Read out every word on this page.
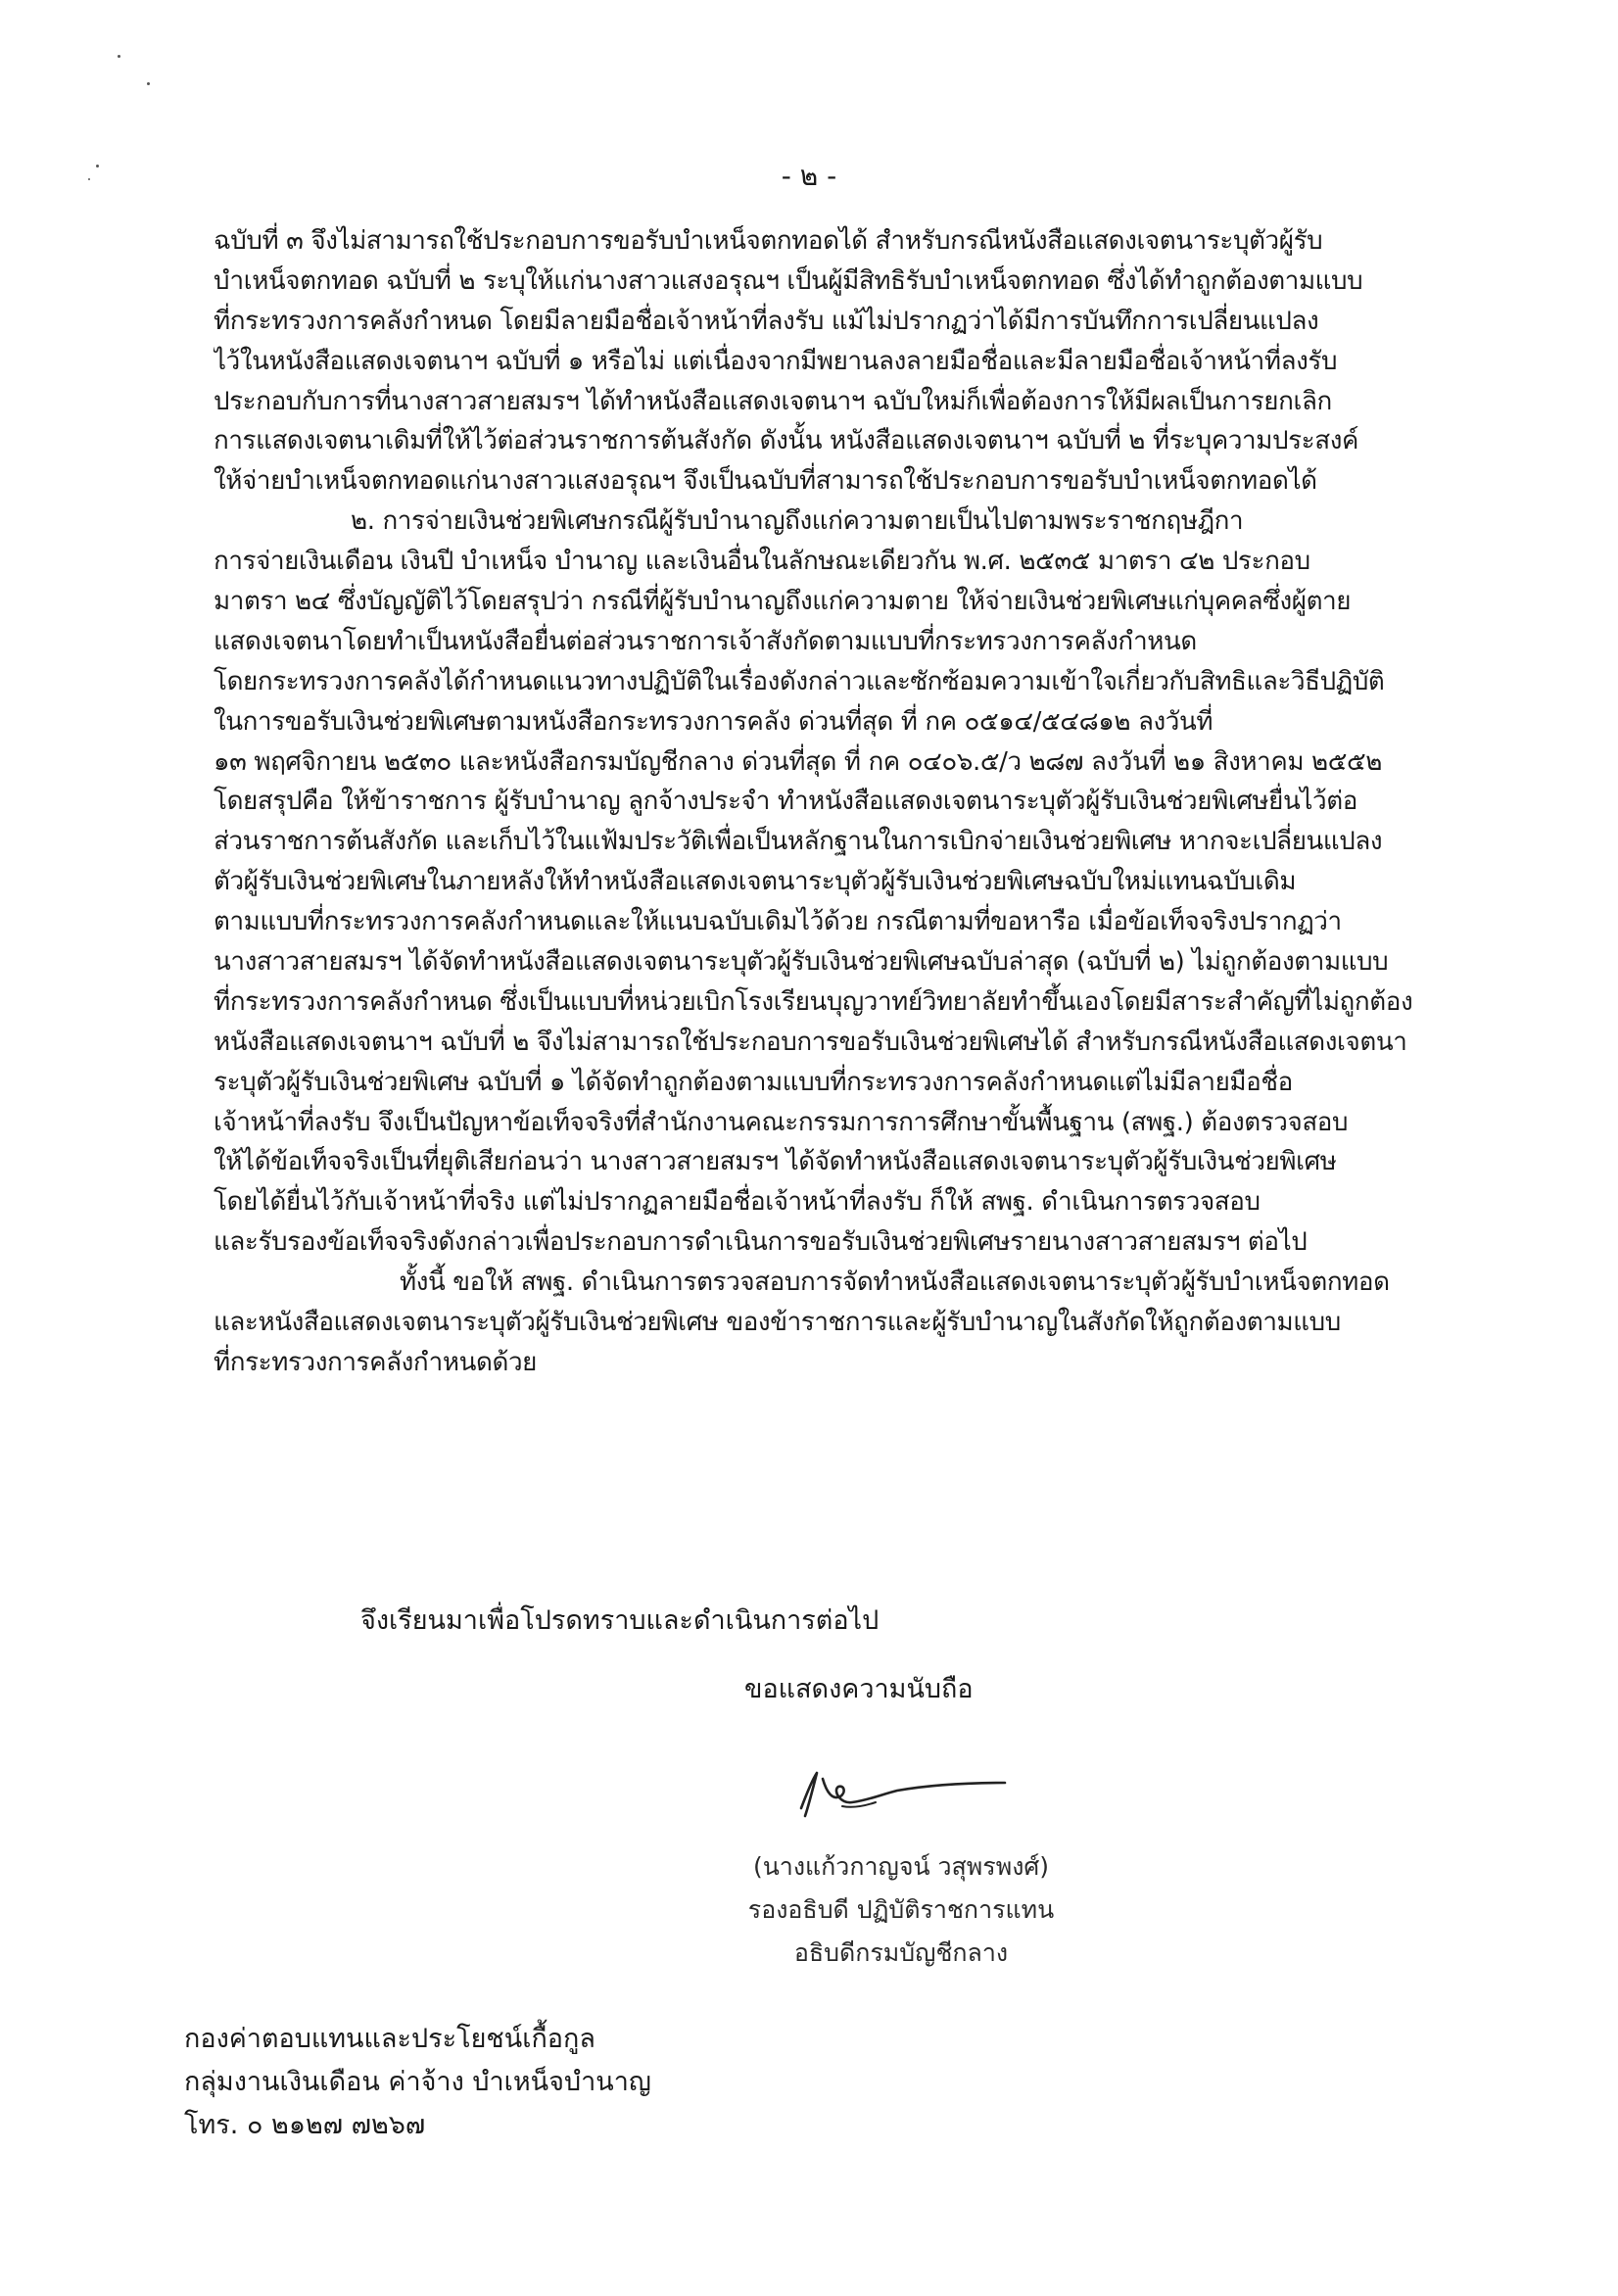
- ๒ -
ฉบับที่ ๓ จึงไม่สามารถใช้ประกอบการขอรับบำเหน็จตกทอดได้ สำหรับกรณีหนังสือแสดงเจตนาระบุตัวผู้รับ
บำเหน็จตกทอด ฉบับที่ ๒ ระบุให้แก่นางสาวแสงอรุณฯ เป็นผู้มีสิทธิรับบำเหน็จตกทอด ซึ่งได้ทำถูกต้องตามแบบ
ที่กระทรวงการคลังกำหนด โดยมีลายมือชื่อเจ้าหน้าที่ลงรับ แม้ไม่ปรากฏว่าได้มีการบันทึกการเปลี่ยนแปลง
ไว้ในหนังสือแสดงเจตนาฯ ฉบับที่ ๑ หรือไม่ แต่เนื่องจากมีพยานลงลายมือชื่อและมีลายมือชื่อเจ้าหน้าที่ลงรับ
ประกอบกับการที่นางสาวสายสมรฯ ได้ทำหนังสือแสดงเจตนาฯ ฉบับใหม่ก็เพื่อต้องการให้มีผลเป็นการยกเลิก
การแสดงเจตนาเดิมที่ให้ไว้ต่อส่วนราชการต้นสังกัด ดังนั้น หนังสือแสดงเจตนาฯ ฉบับที่ ๒ ที่ระบุความประสงค์
ให้จ่ายบำเหน็จตกทอดแก่นางสาวแสงอรุณฯ จึงเป็นฉบับที่สามารถใช้ประกอบการขอรับบำเหน็จตกทอดได้
๒. การจ่ายเงินช่วยพิเศษกรณีผู้รับบำนาญถึงแก่ความตายเป็นไปตามพระราชกฤษฎีกา
การจ่ายเงินเดือน เงินปี บำเหน็จ บำนาญ และเงินอื่นในลักษณะเดียวกัน พ.ศ. ๒๕๓๕ มาตรา ๔๒ ประกอบ
มาตรา ๒๔ ซึ่งบัญญัติไว้โดยสรุปว่า กรณีที่ผู้รับบำนาญถึงแก่ความตาย ให้จ่ายเงินช่วยพิเศษแก่บุคคลซึ่งผู้ตาย
แสดงเจตนาโดยทำเป็นหนังสือยื่นต่อส่วนราชการเจ้าสังกัดตามแบบที่กระทรวงการคลังกำหนด
โดยกระทรวงการคลังได้กำหนดแนวทางปฏิบัติในเรื่องดังกล่าวและซักซ้อมความเข้าใจเกี่ยวกับสิทธิและวิธีปฏิบัติ
ในการขอรับเงินช่วยพิเศษตามหนังสือกระทรวงการคลัง ด่วนที่สุด ที่ กค ๐๕๑๔/๕๔๘๑๒ ลงวันที่
๑๓ พฤศจิกายน ๒๕๓๐ และหนังสือกรมบัญชีกลาง ด่วนที่สุด ที่ กค ๐๔๐๖.๕/ว ๒๘๗ ลงวันที่ ๒๑ สิงหาคม ๒๕๕๒
โดยสรุปคือ ให้ข้าราชการ ผู้รับบำนาญ ลูกจ้างประจำ ทำหนังสือแสดงเจตนาระบุตัวผู้รับเงินช่วยพิเศษยื่นไว้ต่อ
ส่วนราชการต้นสังกัด และเก็บไว้ในแฟ้มประวัติเพื่อเป็นหลักฐานในการเบิกจ่ายเงินช่วยพิเศษ หากจะเปลี่ยนแปลง
ตัวผู้รับเงินช่วยพิเศษในภายหลังให้ทำหนังสือแสดงเจตนาระบุตัวผู้รับเงินช่วยพิเศษฉบับใหม่แทนฉบับเดิม
ตามแบบที่กระทรวงการคลังกำหนดและให้แนบฉบับเดิมไว้ด้วย กรณีตามที่ขอหารือ เมื่อข้อเท็จจริงปรากฏว่า
นางสาวสายสมรฯ ได้จัดทำหนังสือแสดงเจตนาระบุตัวผู้รับเงินช่วยพิเศษฉบับล่าสุด (ฉบับที่ ๒) ไม่ถูกต้องตามแบบ
ที่กระทรวงการคลังกำหนด ซึ่งเป็นแบบที่หน่วยเบิกโรงเรียนบุญวาทย์วิทยาลัยทำขึ้นเองโดยมีสาระสำคัญที่ไม่ถูกต้อง
หนังสือแสดงเจตนาฯ ฉบับที่ ๒ จึงไม่สามารถใช้ประกอบการขอรับเงินช่วยพิเศษได้ สำหรับกรณีหนังสือแสดงเจตนา
ระบุตัวผู้รับเงินช่วยพิเศษ ฉบับที่ ๑ ได้จัดทำถูกต้องตามแบบที่กระทรวงการคลังกำหนดแต่ไม่มีลายมือชื่อ
เจ้าหน้าที่ลงรับ จึงเป็นปัญหาข้อเท็จจริงที่สำนักงานคณะกรรมการการศึกษาขั้นพื้นฐาน (สพฐ.) ต้องตรวจสอบ
ให้ได้ข้อเท็จจริงเป็นที่ยุติเสียก่อนว่า นางสาวสายสมรฯ ได้จัดทำหนังสือแสดงเจตนาระบุตัวผู้รับเงินช่วยพิเศษ
โดยได้ยื่นไว้กับเจ้าหน้าที่จริง แต่ไม่ปรากฏลายมือชื่อเจ้าหน้าที่ลงรับ ก็ให้ สพฐ. ดำเนินการตรวจสอบ
และรับรองข้อเท็จจริงดังกล่าวเพื่อประกอบการดำเนินการขอรับเงินช่วยพิเศษรายนางสาวสายสมรฯ ต่อไป
ทั้งนี้ ขอให้ สพฐ. ดำเนินการตรวจสอบการจัดทำหนังสือแสดงเจตนาระบุตัวผู้รับบำเหน็จตกทอด
และหนังสือแสดงเจตนาระบุตัวผู้รับเงินช่วยพิเศษ ของข้าราชการและผู้รับบำนาญในสังกัดให้ถูกต้องตามแบบ
ที่กระทรวงการคลังกำหนดด้วย
จึงเรียนมาเพื่อโปรดทราบและดำเนินการต่อไป
ขอแสดงความนับถือ
(นางแก้วกาญจน์ วสุพรพงศ์)
รองอธิบดี ปฏิบัติราชการแทน
อธิบดีกรมบัญชีกลาง
กองค่าตอบแทนและประโยชน์เกื้อกูล
กลุ่มงานเงินเดือน ค่าจ้าง บำเหน็จบำนาญ
โทร. ๐ ๒๑๒๗ ๗๒๖๗
